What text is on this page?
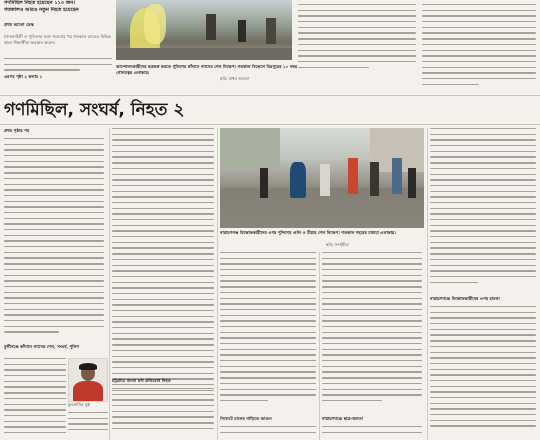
গণমিছিল নিহত হয়েছেন ১১৩ জন।
গতকালও আরও নতুন নিহত হয়েছেন
প্রথম আলো ডেস্ক
সৈন্যবাহিনী ও পুলিশের সঙ্গে সংঘর্ষের পর গতকাল রাতেও বিভিন্ন স্থানে শিক্ষার্থীরা অবস্থান করেন।
এরপর পৃষ্ঠা ২ কলাম ১
আন্দোলনকারীদের ছত্রভঙ্গ করতে পুলিশের কাঁদানে গ্যাসের শেল নিক্ষেপ। গতকাল বিকেলে মিরপুরের ১০ নম্বর গোলচত্বর এলাকায়।
ছবি: প্রথম আলো
গণমিছিল, সংঘর্ষ, নিহত ২
প্রথম পৃষ্ঠার পর
মুন্সীগঞ্জে কাঁদানে গ্যাসের শেল, সংঘর্ষ, পুলিশ
মুনতাসির মুগ্ধ
চট্টগ্রামে বাংলা ঘন্ট প্রতিরোধ নিহত
নারায়ণগঞ্জ বিক্ষোভকারীদের ওপর পুলিশের গুলি ও টিয়ার শেল নিক্ষেপ। গতকাল শহরের চাষাঢ়া এলাকায়।
ছবি: সংগৃহীত
সিলেটে চালের গাড়িতে আগুন	নারায়ণগঞ্জে ছাত্র-জনতা
নারায়ণগঞ্জে বিক্ষোভকারীদের ওপর হামলা
